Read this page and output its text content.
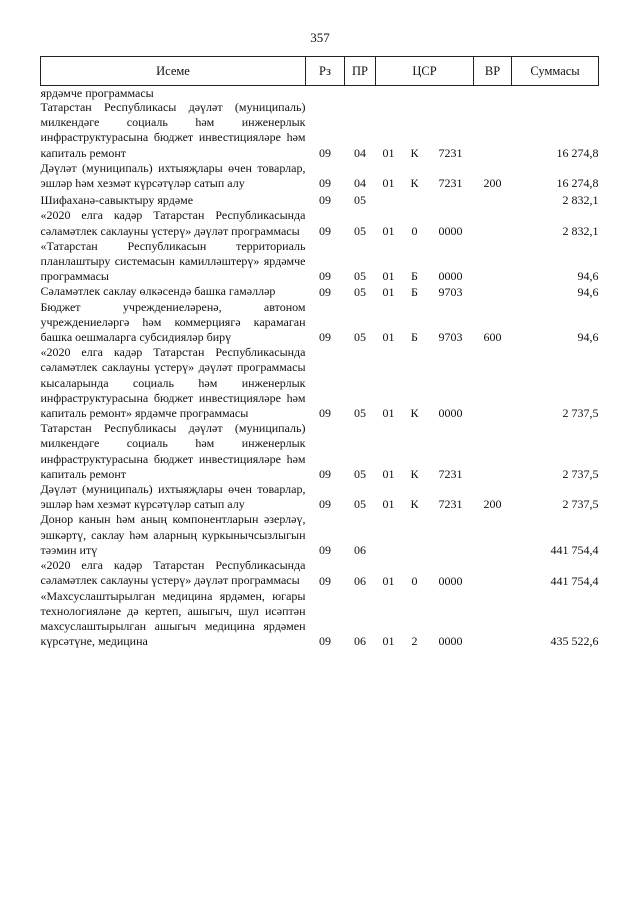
357
Исеме	Рз	ПР	ЦСР			ВР	Суммасы
ярдәмче программасы							
Татарстан Республикасы дәүләт (муниципаль) милкендәге социаль һәм инженерлык инфраструктурасына бюджет инвестицияләре һәм капиталь ремонт	09	04	01	К	7231		16 274,8
Дәүләт (муниципаль) ихтыяҗлары өчен товарлар, эшләр һәм хезмәт күрсәтүләр сатып алу	09	04	01	К	7231	200	16 274,8
Шифаханә-савыктыру ярдәме	09	05					2 832,1
«2020 елга кадәр Татарстан Республикасында сәламәтлек саклауны үстерү» дәүләт программасы	09	05	01	0	0000		2 832,1
«Татарстан Республикасын территориаль планлаштыру системасын камилләштерү» ярдәмче программасы	09	05	01	Б	0000		94,6
Сәламәтлек саклау өлкәсендә башка гамәлләр	09	05	01	Б	9703		94,6
Бюджет учреждениеләренә, автоном учреждениеләргә һәм коммерциягә карамаган башка оешмаларга субсидияләр бирү	09	05	01	Б	9703	600	94,6
«2020 елга кадәр Татарстан Республикасында сәламәтлек саклауны үстерү» дәүләт программасы кысаларында социаль һәм инженерлык инфраструктурасына бюджет инвестицияләре һәм капиталь ремонт» ярдәмче программасы	09	05	01	К	0000		2 737,5
Татарстан Республикасы дәүләт (муниципаль) милкендәге социаль һәм инженерлык инфраструктурасына бюджет инвестицияләре һәм капиталь ремонт	09	05	01	К	7231		2 737,5
Дәүләт (муниципаль) ихтыяҗлары өчен товарлар, эшләр һәм хезмәт күрсәтүләр сатып алу	09	05	01	К	7231	200	2 737,5
Донор канын һәм аның компонентларын әзерләү, эшкәртү, саклау һәм аларның куркынычсызлыгын тәэмин итү	09	06					441 754,4
«2020 елга кадәр Татарстан Республикасында сәламәтлек саклауны үстерү» дәүләт программасы	09	06	01	0	0000		441 754,4
«Махсуслаштырылган медицина ярдәмен, югары технологияләне дә кертеп, ашыгыч, шул исәптән махсуслаштырылган ашыгыч медицина ярдәмен күрсәтүне, медицина	09	06	01	2	0000		435 522,6
